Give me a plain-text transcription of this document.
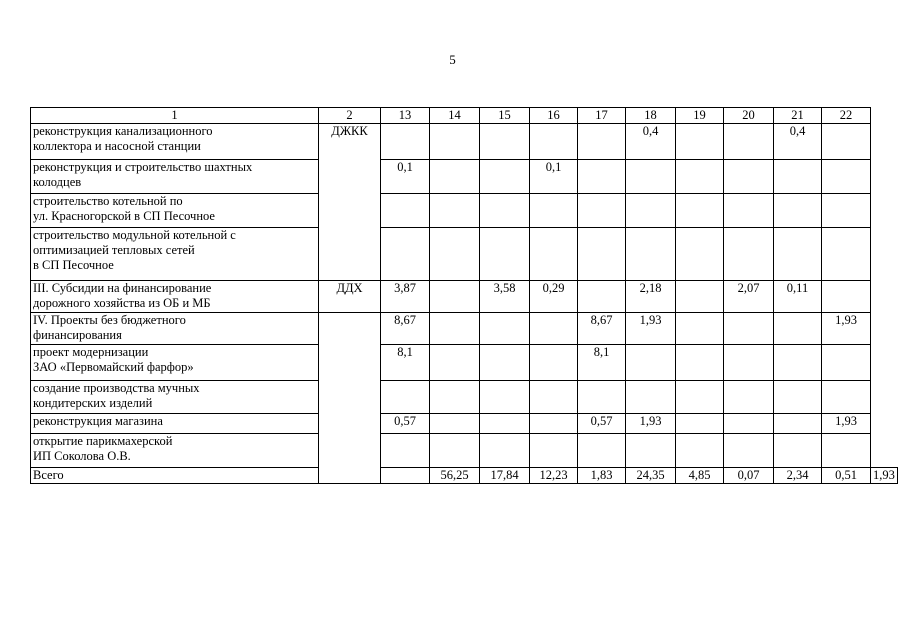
5
1	2	13	14	15	16	17	18	19	20	21	22	

реконструкция канализационного
коллектора и насосной станции	ДЖКК						0,4			0,4		

реконструкция и строительство шахтных
колодцев		0,1			0,1							

строительство котельной по
ул. Красногорской в СП Песочное												

строительство модульной котельной с
оптимизацией тепловых сетей
в СП Песочное												

III. Субсидии на финансирование
дорожного хозяйства из ОБ и МБ	ДДХ	3,87		3,58	0,29		2,18		2,07	0,11		

IV. Проекты без бюджетного
финансирования		8,67				8,67	1,93				1,93	

проект модернизации
ЗАО «Первомайский фарфор»		8,1				8,1						

создание производства мучных
кондитерских изделий												

реконструкция магазина		0,57				0,57	1,93				1,93	

открытие парикмахерской
ИП Соколова О.В.												

Всего			56,25	17,84	12,23	1,83	24,35	4,85	0,07	2,34	0,51	1,93
